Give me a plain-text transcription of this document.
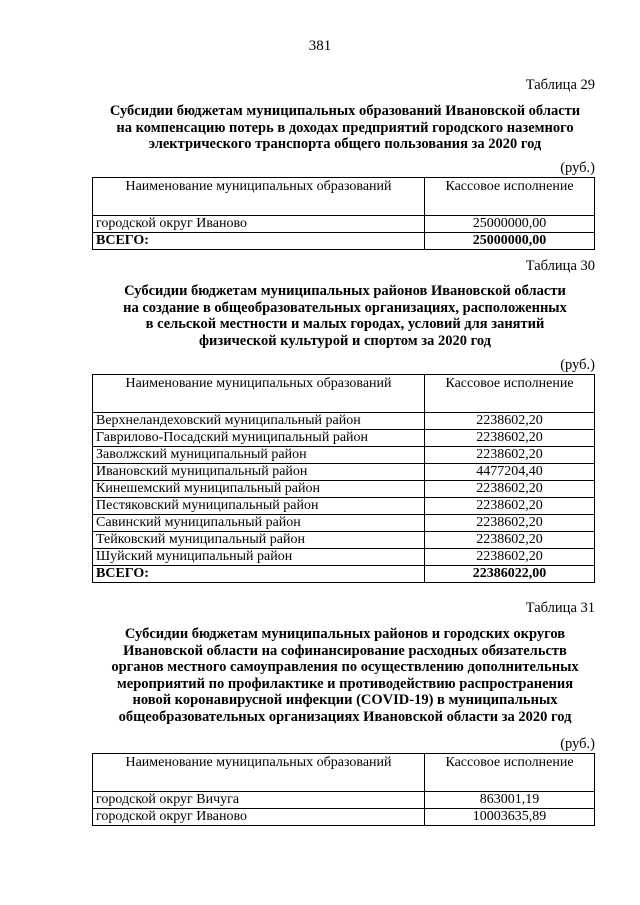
381
Таблица 29
Субсидии бюджетам муниципальных образований Ивановской области
на компенсацию потерь в доходах предприятий городского наземного
электрического транспорта общего пользования за 2020 год
(руб.)
Наименование муниципальных образований	Кассовое исполнение
городской округ Иваново	25000000,00
ВСЕГО:	25000000,00
Таблица 30
Субсидии бюджетам муниципальных районов Ивановской области
на создание в общеобразовательных организациях, расположенных
в сельской местности и малых городах, условий для занятий
физической культурой и спортом за 2020 год
(руб.)
Наименование муниципальных образований	Кассовое исполнение
Верхнеландеховский муниципальный район	2238602,20
Гаврилово-Посадский муниципальный район	2238602,20
Заволжский муниципальный район	2238602,20
Ивановский муниципальный район	4477204,40
Кинешемский муниципальный район	2238602,20
Пестяковский муниципальный район	2238602,20
Савинский муниципальный район	2238602,20
Тейковский муниципальный район	2238602,20
Шуйский муниципальный район	2238602,20
ВСЕГО:	22386022,00
Таблица 31
Субсидии бюджетам муниципальных районов и городских округов
Ивановской области на софинансирование расходных обязательств
органов местного самоуправления по осуществлению дополнительных
мероприятий по профилактике и противодействию распространения
новой коронавирусной инфекции (COVID-19) в муниципальных
общеобразовательных организациях Ивановской области за 2020 год
(руб.)
Наименование муниципальных образований	Кассовое исполнение
городской округ Вичуга	863001,19
городской округ Иваново	10003635,89
